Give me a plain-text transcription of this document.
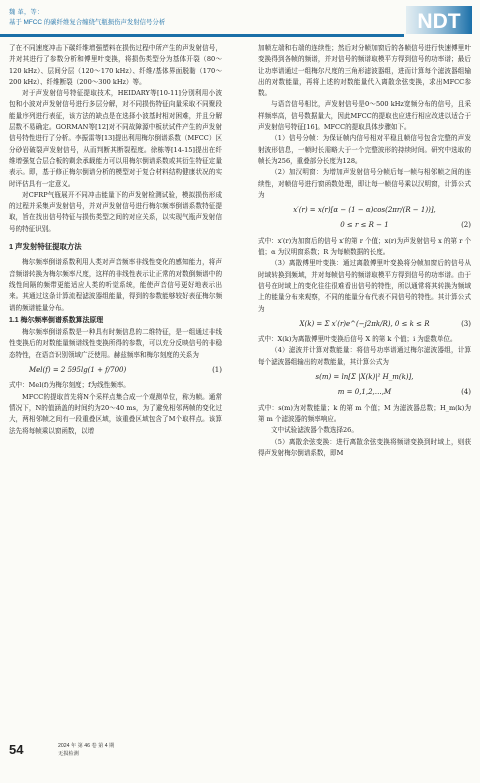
魏 革，等：
基于 MFCC 的碳纤维复合缠绕气瓶损伤声发射信号分析	NDT

了在不同速度冲击下碳纤维增强塑料在损伤过程中所产生的声发射信号，并对其进行了参数分析和傅里叶变换，将损伤类型分为基体开裂（80～120 kHz）、层间分层（120～170 kHz）、纤维/基体界面脱黏（170～200 kHz）、纤维断裂（200～300 kHz）等。

对于声发射信号特征提取技术，HEIDARY等[10-11]分别利用小波包和小波对声发射信号进行多层分解，对不同损伤特征向量采取不同聚段能量序列进行表征，该方法的缺点是在选择小波基时相对困难，并且分解层数不易确定。GORMAN等[12]对不同故障源中板状试件产生的声发射信号特性进行了分析。李振雷等[13]提出利用梅尔倒谱系数（MFCC）区分砂岩破裂声发射信号，从而判断其断裂程度。徐栋等[14-15]提出在纤维增强复合层合板的剩余承载能力可以用梅尔倒谱系数或其衍生特征定量表示。即，基于修正梅尔倒谱分析的模型对于复合材料结构健康状况的实时评估具有一定意义。

对CFRP气瓶展开不同冲击能量下的声发射检测试验，模拟损伤形成的过程并采集声发射信号，并对声发射信号进行梅尔频率倒谱系数特征提取，旨在找出信号特征与损伤类型之间的对应关系，以实现气瓶声发射信号的特征识别。

1 声发射特征提取方法

梅尔频率倒谱系数利用人类对声音频率非线性变化的感知能力，将声音频谱转换为梅尔频率尺度，这样的非线性表示让正常的对数倒频谱中的线性间隔的频带更能适应人类的听觉系统，能使声音信号更好地表示出来。其通过这条计算流程滤波器组能量，得到的参数能够较好表征梅尔频谱的频谱能量分布。

1.1 梅尔频率倒谱系数算法原理

梅尔频率倒谱系数是一种具有时频信息的二维特征，是一组通过非线性变换后的对数能量频谱线性变换所得的参数，可以充分反映信号的非稳态特性，在语音识别领域广泛使用。赫兹频率和梅尔刻度的关系为

Mel(f) = 2 595lg(1 + f/700)	(1)

式中：Mel(f)为梅尔刻度；f为线性频率。

MFCC的提取首先将N个采样点集合成一个观测单位，称为帧。通常情况下，N的值涵盖的时间约为20～40 ms，为了避免相邻两帧的变化过大，两相邻帧之间有一段重叠区域，该重叠区域包含了M个取样点。该算法先将每帧乘以窗函数，以增

加帧左端和右端的连续性；然后对分帧加窗后的各帧信号进行快速傅里叶变换得到各帧的频谱，并对信号的频谱取模平方得到信号的功率谱；最后让功率谱通过一组梅尔尺度的三角形滤波器组，进而计算每个滤波器组输出的对数能量，再将上述的对数能量代入离散余弦变换，求出MFCC参数。

与语音信号相比，声发射信号是0～500 kHz宽频分布的信号，且采样频率高，信号数据量大，因此MFCC的提取也应进行相应改进以适合于声发射信号特征[16]。MFCC的提取具体步骤如下。

（1）信号分帧：为保证帧内信号相对平稳且帧信号包含完整的声发射波形信息，一帧时长需略大于一个完整波形的持续时间。研究中选取的帧长为256，重叠部分长度为128。

（2）加汉明窗：为增加声发射信号分帧后每一帧与相邻帧之间的连续性，对帧信号进行窗函数处理，即让每一帧信号乘以汉明窗，计算公式为

x′(r) = x(r)[α − (1 − α)cos(2πr/(R − 1))],
0 ≤ r ≤ R − 1	(2)

式中：x′(r)为加窗后的信号 x′的第 r 个值；x(r)为声发射信号 x 的第 r 个值；α 为汉明窗系数；R 为每帧数据的长度。

（3）离散傅里叶变换：通过离散傅里叶变换将分帧加窗后的信号从时域转换到频域，并对每帧信号的频谱取模平方得到信号的功率谱。由于信号在时域上的变化往往很难看出信号的特性，所以通常将其转换为频域上的能量分布来观察，不同的能量分布代表不同信号的特性。其计算公式为

X(k) = Σ x′(r)e^(−j2πk/R), 0 ≤ k ≤ R	(3)

式中：X(k)为离散傅里叶变换后信号 X 的第 k 个值；i 为虚数单位。

（4）滤波并计算对数能量：将信号功率谱通过梅尔滤波器组，计算每个滤波器组输出的对数能量，其计算公式为

s(m) = ln[Σ |X(k)|² H_m(k)],
m = 0,1,2,…,M	(4)

式中：s(m)为对数能量；k 的第 m 个值；M 为滤波器总数；H_m(k)为第 m 个滤波器的频率响应。

文中试验滤波器个数选择26。

（5）离散余弦变换：进行离散余弦变换将频谱变换到时域上，则获得声发射梅尔倒谱系数，即M

54	2024 年 第 46 卷 第 4 期
无损检测
